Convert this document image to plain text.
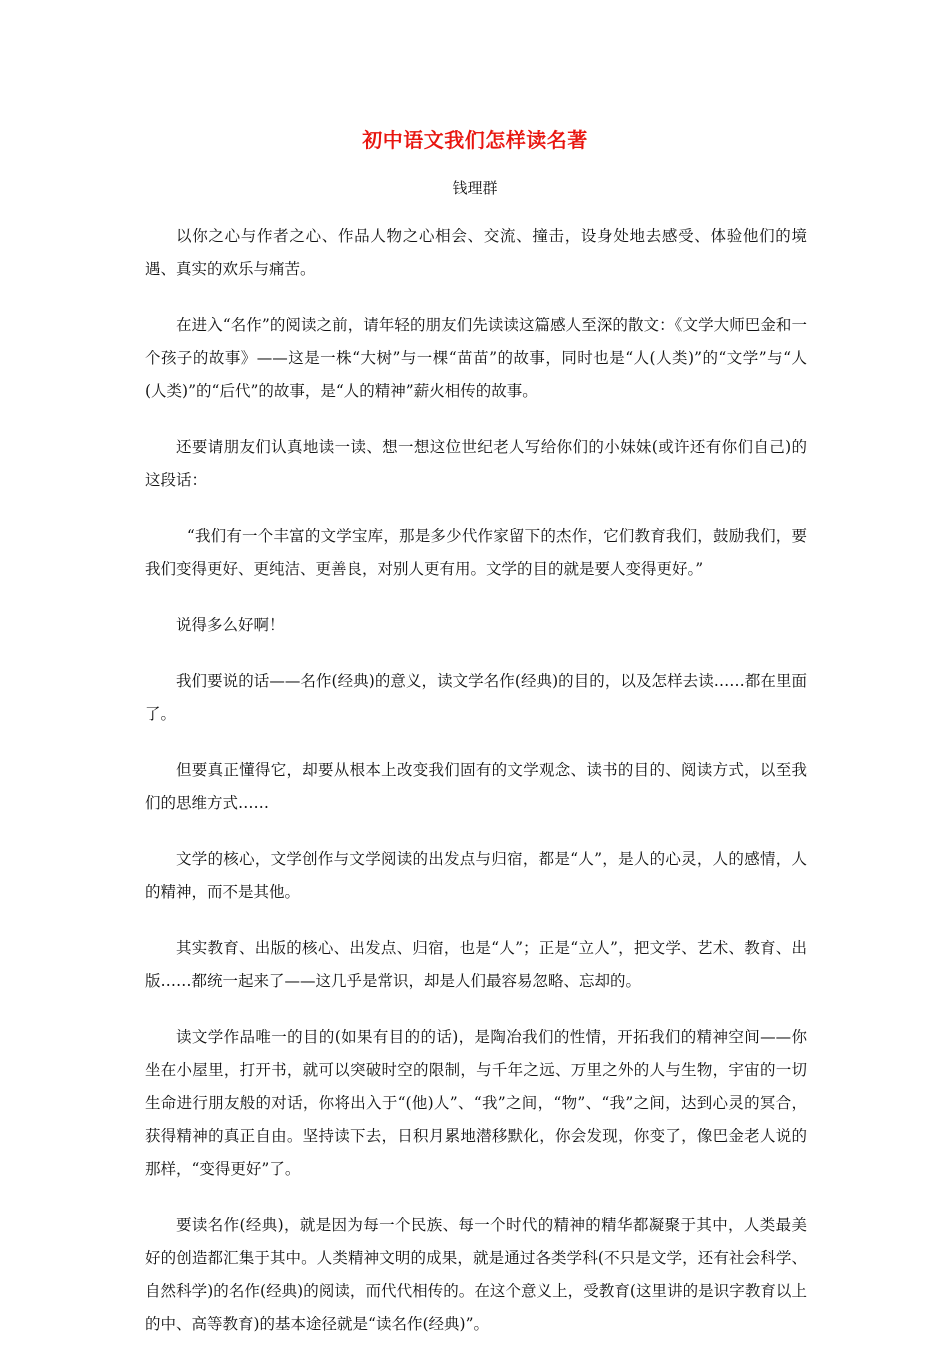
初中语文我们怎样读名著
钱理群

以你之心与作者之心、作品人物之心相会、交流、撞击，设身处地去感受、体验他们的境遇、真实的欢乐与痛苦。

在进入“名作”的阅读之前，请年轻的朋友们先读读这篇感人至深的散文：《文学大师巴金和一个孩子的故事》——这是一株“大树”与一棵“苗苗”的故事，同时也是“人(人类)”的“文学”与“人(人类)”的“后代”的故事，是“人的精神”薪火相传的故事。

还要请朋友们认真地读一读、想一想这位世纪老人写给你们的小妹妹(或许还有你们自己)的这段话：

“我们有一个丰富的文学宝库，那是多少代作家留下的杰作，它们教育我们，鼓励我们，要我们变得更好、更纯洁、更善良，对别人更有用。文学的目的就是要人变得更好。”

说得多么好啊！

我们要说的话——名作(经典)的意义，读文学名作(经典)的目的，以及怎样去读……都在里面了。

但要真正懂得它，却要从根本上改变我们固有的文学观念、读书的目的、阅读方式，以至我们的思维方式……

文学的核心，文学创作与文学阅读的出发点与归宿，都是“人”，是人的心灵，人的感情，人的精神，而不是其他。

其实教育、出版的核心、出发点、归宿，也是“人”；正是“立人”，把文学、艺术、教育、出版……都统一起来了——这几乎是常识，却是人们最容易忽略、忘却的。

读文学作品唯一的目的(如果有目的的话)，是陶冶我们的性情，开拓我们的精神空间——你坐在小屋里，打开书，就可以突破时空的限制，与千年之远、万里之外的人与生物，宇宙的一切生命进行朋友般的对话，你将出入于“(他)人”、“我”之间，“物”、“我”之间，达到心灵的冥合，获得精神的真正自由。坚持读下去，日积月累地潜移默化，你会发现，你变了，像巴金老人说的那样，“变得更好”了。

要读名作(经典)，就是因为每一个民族、每一个时代的精神的精华都凝聚于其中，人类最美好的创造都汇集于其中。人类精神文明的成果，就是通过各类学科(不只是文学，还有社会科学、自然科学)的名作(经典)的阅读，而代代相传的。在这个意义上，受教育(这里讲的是识字教育以上的中、高等教育)的基本途径就是“读名作(经典)”。
